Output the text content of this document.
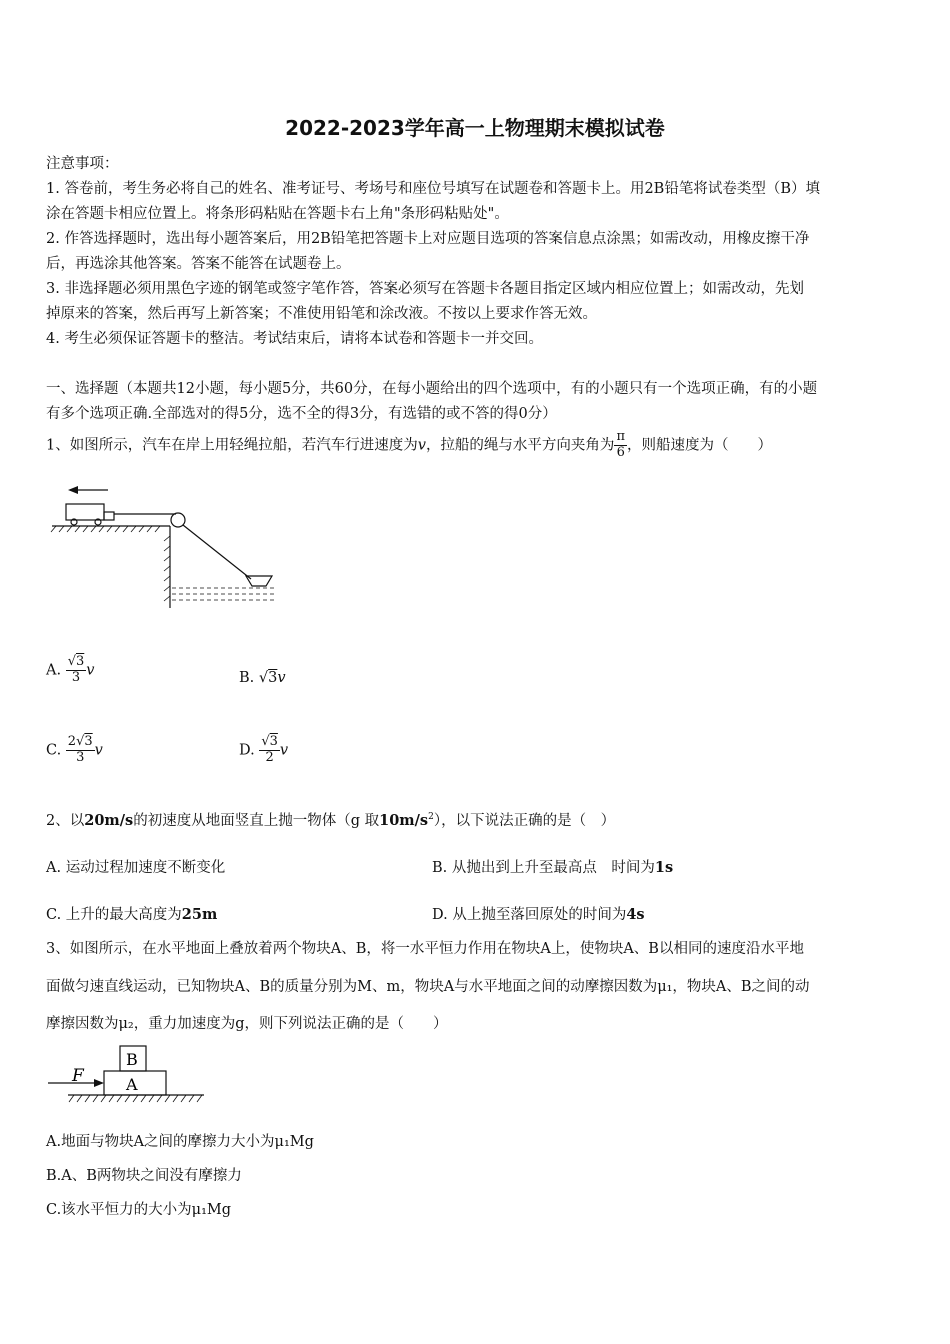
2022-2023学年高一上物理期末模拟试卷
注意事项：
1. 答卷前，考生务必将自己的姓名、准考证号、考场号和座位号填写在试题卷和答题卡上。用2B铅笔将试卷类型（B）填
涂在答题卡相应位置上。将条形码粘贴在答题卡右上角"条形码粘贴处"。
2. 作答选择题时，选出每小题答案后，用2B铅笔把答题卡上对应题目选项的答案信息点涂黑；如需改动，用橡皮擦干净
后，再选涂其他答案。答案不能答在试题卷上。
3. 非选择题必须用黑色字迹的钢笔或签字笔作答，答案必须写在答题卡各题目指定区域内相应位置上；如需改动，先划
掉原来的答案，然后再写上新答案；不准使用铅笔和涂改液。不按以上要求作答无效。
4. 考生必须保证答题卡的整洁。考试结束后，请将本试卷和答题卡一并交回。
一、选择题（本题共12小题，每小题5分，共60分，在每小题给出的四个选项中，有的小题只有一个选项正确，有的小题
有多个选项正确.全部选对的得5分，选不全的得3分，有选错的或不答的得0分）
1、如图所示，汽车在岸上用轻绳拉船，若汽车行进速度为v，拉船的绳与水平方向夹角为 $\frac{\pi}{6}$ ，则船速度为（　　）
A. $\frac{√3}{3}$ v	B. √3v
C. $\frac{2√3}{3}$ v	D. $\frac{√3}{2}$ v
2、以20m/s的初速度从地面竖直上抛一物体（g 取$10m/s^2$），以下说法正确的是（　）
A. 运动过程加速度不断变化	B. 从抛出到上升至最高点　时间为1s
C. 上升的最大高度为25m	D. 从上抛至落回原处的时间为4s
3、如图所示，在水平地面上叠放着两个物块A、B，将一水平恒力作用在物块A上，使物块A、B以相同的速度沿水平地
面做匀速直线运动，已知物块A、B的质量分别为M、m，物块A与水平地面之间的动摩擦因数为μ₁，物块A、B之间的动
摩擦因数为μ₂，重力加速度为g，则下列说法正确的是（　　）
F	A
B
A.地面与物块A之间的摩擦力大小为μ₁Mg
B.A、B两物块之间没有摩擦力
C.该水平恒力的大小为μ₁Mg
